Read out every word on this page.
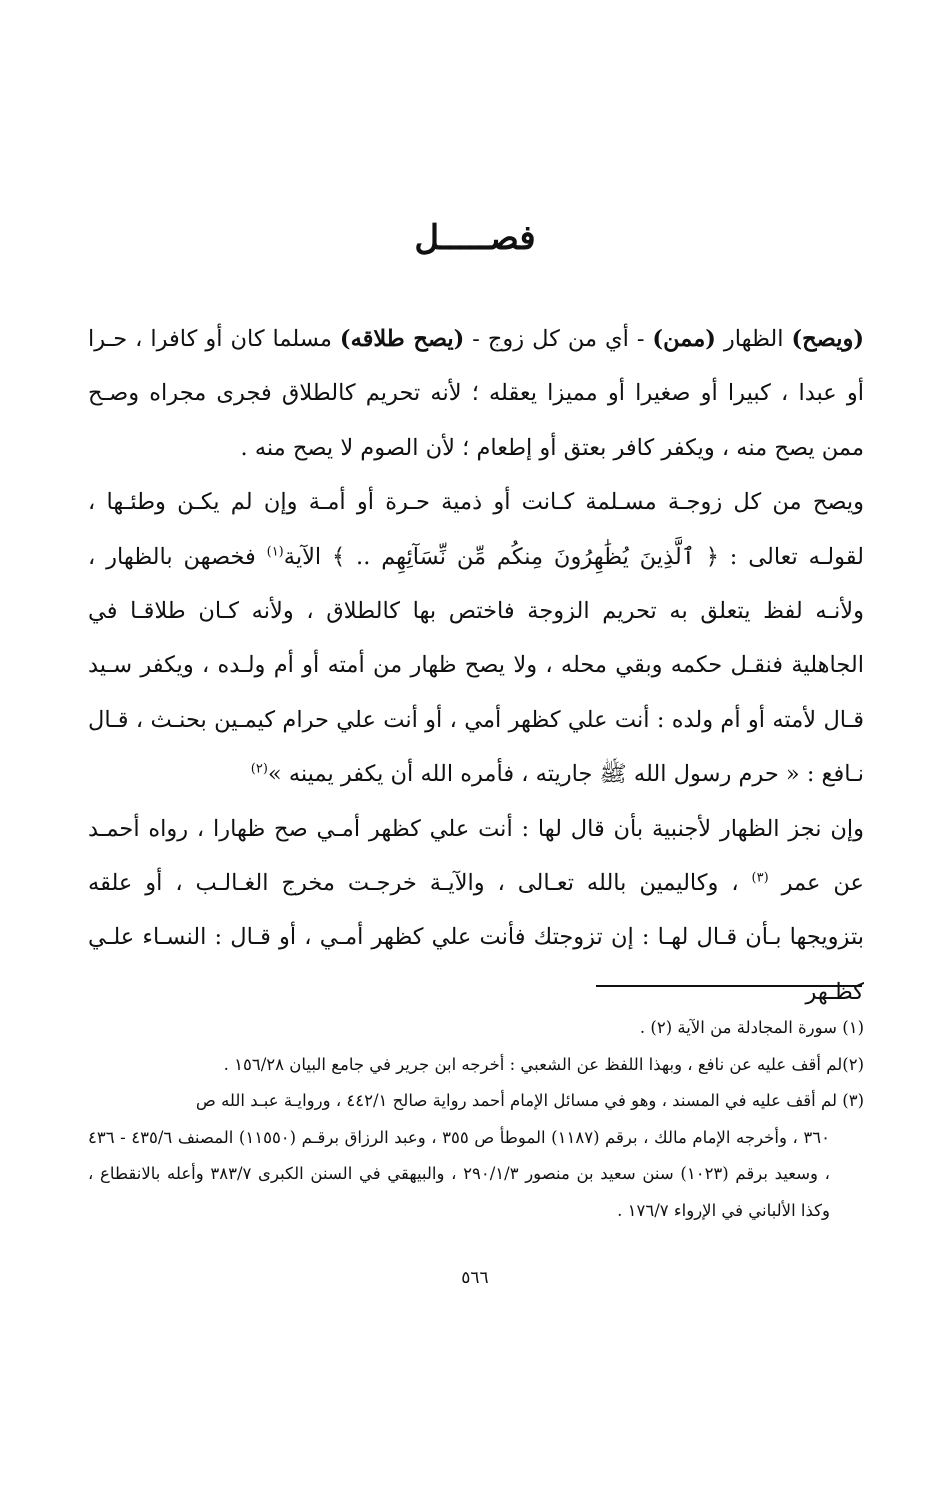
فصـــــل

(ويصح) الظهار (ممن) - أي من كل زوج - (يصح طلاقه) مسلما كان أو كافرا ، حـرا أو عبدا ، كبيرا أو صغيرا أو مميزا يعقله ؛ لأنه تحريم كالطلاق فجرى مجراه وصـح ممن يصح منه ، ويكفر كافر بعتق أو إطعام ؛ لأن الصوم لا يصح منه .

ويصح من كل زوجـة مسـلمة كـانت أو ذمية حـرة أو أمـة وإن لم يكـن وطئـها ، لقولـه تعالى : ﴿ ٱلَّذِينَ يُظَٰهِرُونَ مِنكُم مِّن نِّسَآئِهِم .. ﴾ الآية$^{(١)}$ فخصهن بالظهار ، ولأنـه لفظ يتعلق به تحريم الزوجة فاختص بها كالطلاق ، ولأنه كـان طلاقـا في الجاهلية فنقـل حكمه وبقي محله ، ولا يصح ظهار من أمته أو أم ولـده ، ويكفر سـيد قـال لأمته أو أم ولده : أنت علي كظهر أمي ، أو أنت علي حرام كيمـين بحنـث ، قـال نـافع : « حرم رسول الله ﷺ جاريته ، فأمره الله أن يكفر يمينه »$^{(٢)}$

وإن نجز الظهار لأجنبية بأن قال لها : أنت علي كظهر أمـي صح ظهارا ، رواه أحمـد عن عمر $^{(٣)}$ ، وكاليمين بالله تعـالى ، والآيـة خرجـت مخرج الغـالـب ، أو علقه بتزويجها بـأن قـال لهـا : إن تزوجتك فأنت علي كظهر أمـي ، أو قـال : النسـاء علـي كظـهر

(١) سورة المجادلة من الآية (٢) .

(٢)لم أقف عليه عن نافع ، وبهذا اللفظ عن الشعبي : أخرجه ابن جرير في جامع البيان ١٥٦/٢٨ .

(٣) لم أقف عليه في المسند ، وهو في مسائل الإمام أحمد رواية صالح ٤٤٢/١ ، وروايـة عبـد الله ص

٣٦٠ ، وأخرجه الإمام مالك ، برقم (١١٨٧) الموطأ ص ٣٥٥ ، وعبد الرزاق برقـم (١١٥٥٠) المصنف ٤٣٥/٦ - ٤٣٦ ، وسعيد برقم (١٠٢٣) سنن سعيد بن منصور ٢٩٠/١/٣ ، والبيهقي في السنن الكبرى ٣٨٣/٧ وأعله بالانقطاع ، وكذا الألباني في الإرواء ١٧٦/٧ .

٥٦٦
